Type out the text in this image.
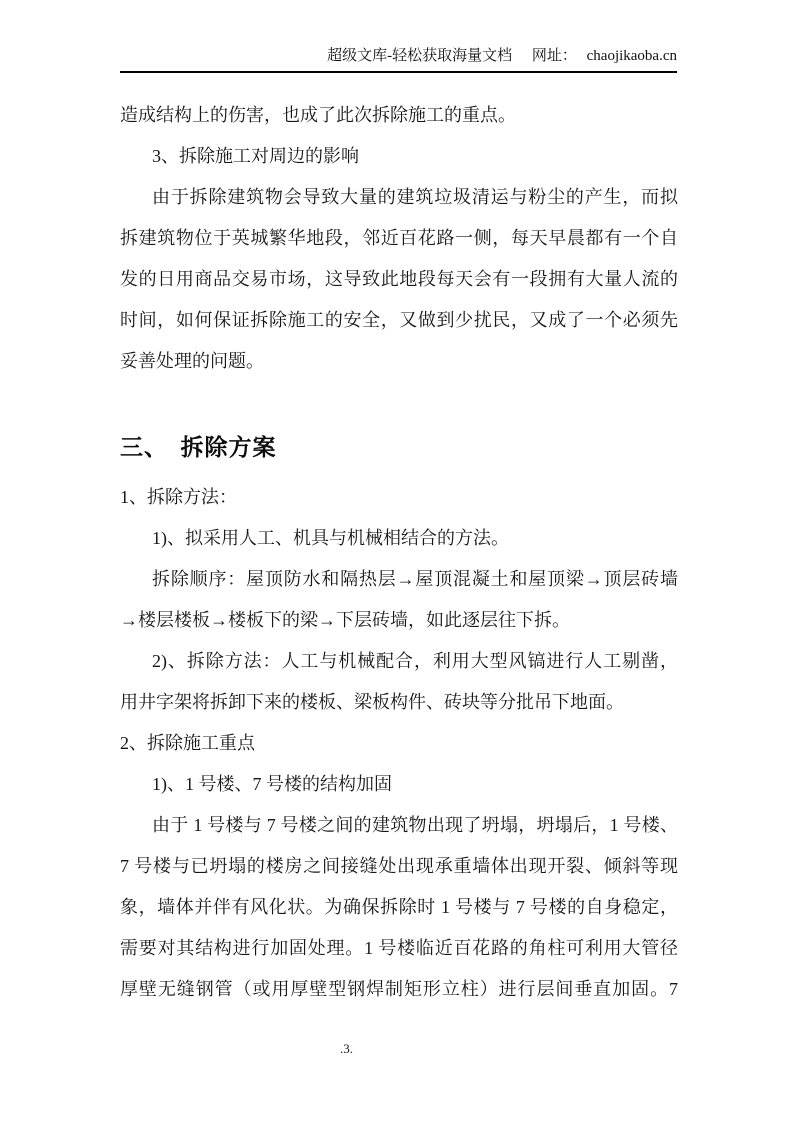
超级文库-轻松获取海量文档 网址： chaojikaoba.cn
造成结构上的伤害，也成了此次拆除施工的重点。
3、拆除施工对周边的影响
由于拆除建筑物会导致大量的建筑垃圾清运与粉尘的产生，而拟
拆建筑物位于英城繁华地段，邻近百花路一侧，每天早晨都有一个自
发的日用商品交易市场，这导致此地段每天会有一段拥有大量人流的
时间，如何保证拆除施工的安全，又做到少扰民，又成了一个必须先
妥善处理的问题。
三、　拆除方案
1、拆除方法：
1)、拟采用人工、机具与机械相结合的方法。
拆除顺序：屋顶防水和隔热层→屋顶混凝土和屋顶梁→顶层砖墙
→楼层楼板→楼板下的梁→下层砖墙，如此逐层往下拆。
2)、拆除方法：人工与机械配合，利用大型风镐进行人工剔凿，
用井字架将拆卸下来的楼板、梁板构件、砖块等分批吊下地面。
2、拆除施工重点
1)、1 号楼、7 号楼的结构加固
由于 1 号楼与 7 号楼之间的建筑物出现了坍塌，坍塌后，1 号楼、
7 号楼与已坍塌的楼房之间接缝处出现承重墙体出现开裂、倾斜等现
象，墙体并伴有风化状。为确保拆除时 1 号楼与 7 号楼的自身稳定，
需要对其结构进行加固处理。1 号楼临近百花路的角柱可利用大管径
厚壁无缝钢管（或用厚壁型钢焊制矩形立柱）进行层间垂直加固。7
.3.
